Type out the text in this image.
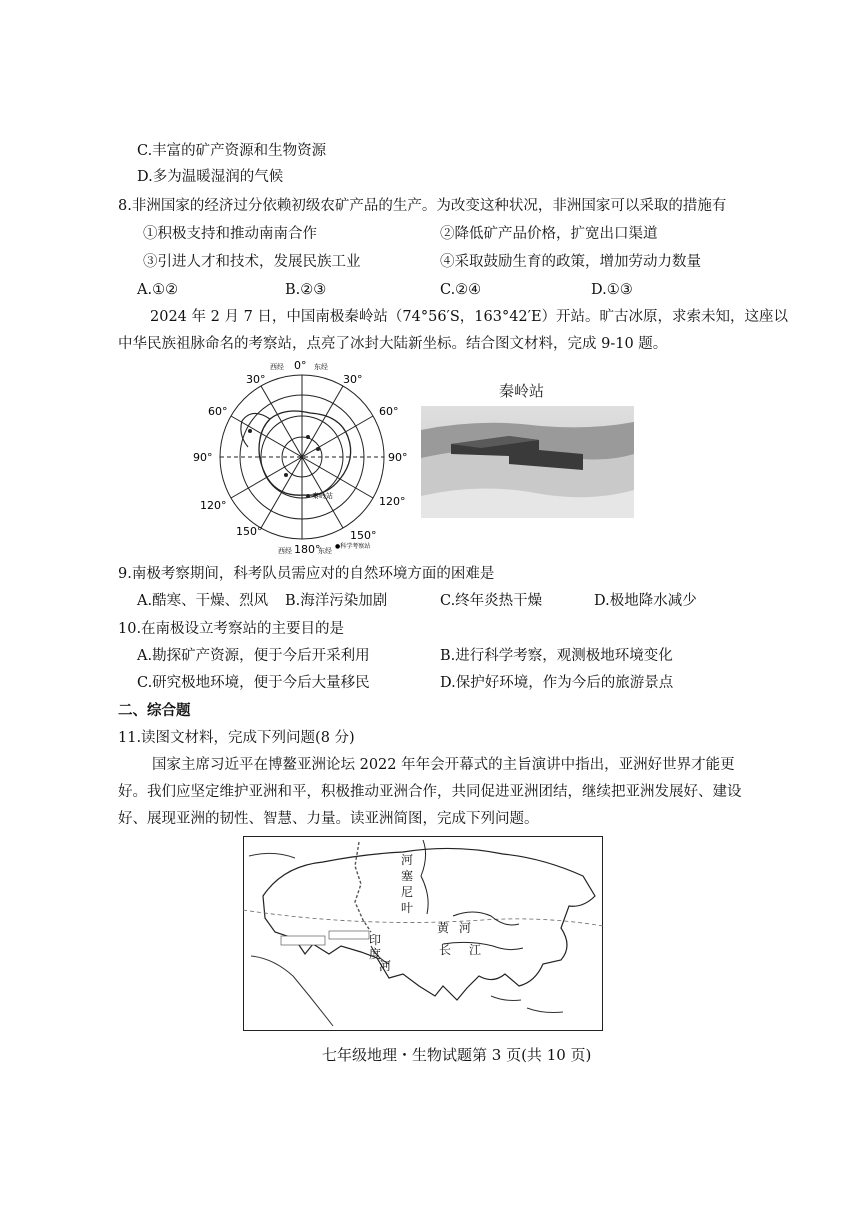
C.丰富的矿产资源和生物资源
D.多为温暖湿润的气候
8.非洲国家的经济过分依赖初级农矿产品的生产。为改变这种状况，非洲国家可以采取的措施有
①积极支持和推动南南合作	②降低矿产品价格，扩宽出口渠道
③引进人才和技术，发展民族工业	④采取鼓励生育的政策，增加劳动力数量
A.①②	B.②③	C.②④	D.①③
2024 年 2 月 7 日，中国南极秦岭站（74°56′S，163°42′E）开站。旷古冰原，求索未知，这座以
中华民族祖脉命名的考察站，点亮了冰封大陆新坐标。结合图文材料，完成 9-10 题。
西经 0° 东经
30°	30°
60°	60°
90°	90°
120°	120°
150°	150°
西经 180°
东经
秦岭站
●科学考察站
秦岭站
9.南极考察期间，科考队员需应对的自然环境方面的困难是
A.酷寒、干燥、烈风 B.海洋污染加剧	C.终年炎热干燥	D.极地降水减少
10.在南极设立考察站的主要目的是
A.勘探矿产资源，便于今后开采利用	B.进行科学考察，观测极地环境变化
C.研究极地环境，便于今后大量移民	D.保护好环境，作为今后的旅游景点
二、综合题
11.读图文材料，完成下列问题(8 分)
国家主席习近平在博鳌亚洲论坛 2022 年年会开幕式的主旨演讲中指出，亚洲好世界才能更
好。我们应坚定维护亚洲和平，积极推动亚洲合作，共同促进亚洲团结，继续把亚洲发展好、建设
好、展现亚洲的韧性、智慧、力量。读亚洲简图，完成下列问题。
河
塞
尼
叶
黄 河
长 江
印
度
河
七年级地理・生物试题第 3 页(共 10 页)
